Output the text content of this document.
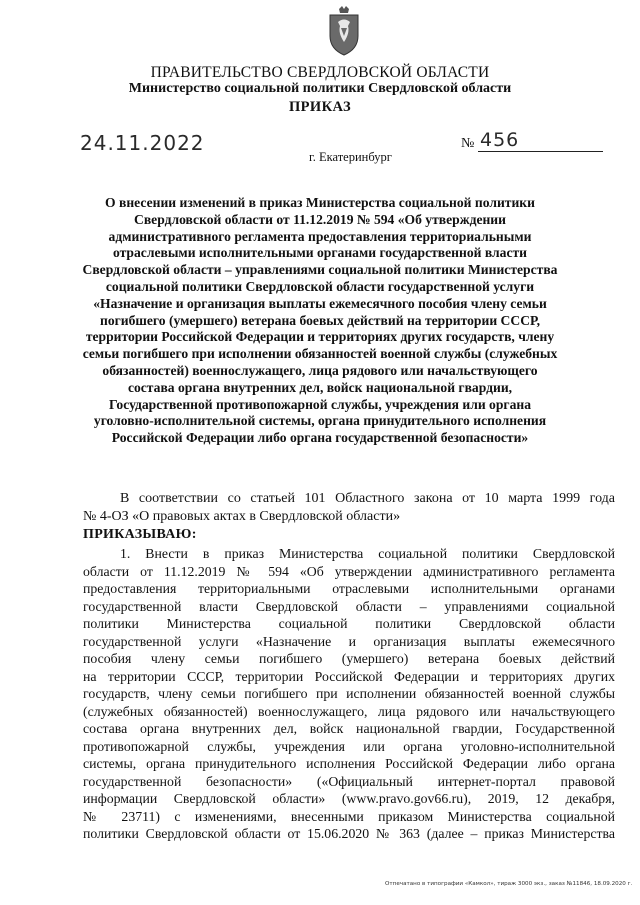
ПРАВИТЕЛЬСТВО СВЕРДЛОВСКОЙ ОБЛАСТИ
Министерство социальной политики Свердловской области
ПРИКАЗ
24.11.2022	№ 456
г. Екатеринбург
О внесении изменений в приказ Министерства социальной политики
Свердловской области от 11.12.2019 № 594 «Об утверждении
административного регламента предоставления территориальными
отраслевыми исполнительными органами государственной власти
Свердловской области – управлениями социальной политики Министерства
социальной политики Свердловской области государственной услуги
«Назначение и организация выплаты ежемесячного пособия члену семьи
погибшего (умершего) ветерана боевых действий на территории СССР,
территории Российской Федерации и территориях других государств, члену
семьи погибшего при исполнении обязанностей военной службы (служебных
обязанностей) военнослужащего, лица рядового или начальствующего
состава органа внутренних дел, войск национальной гвардии,
Государственной противопожарной службы, учреждения или органа
уголовно-исполнительной системы, органа принудительного исполнения
Российской Федерации либо органа государственной безопасности»
В соответствии со статьей 101 Областного закона от 10 марта 1999 года
№ 4-ОЗ «О правовых актах в Свердловской области»
ПРИКАЗЫВАЮ:
1. Внести в приказ Министерства социальной политики Свердловской
области от 11.12.2019 № 594 «Об утверждении административного регламента
предоставления территориальными отраслевыми исполнительными органами
государственной власти Свердловской области – управлениями социальной
политики Министерства социальной политики Свердловской области
государственной услуги «Назначение и организация выплаты ежемесячного
пособия члену семьи погибшего (умершего) ветерана боевых действий
на территории СССР, территории Российской Федерации и территориях других
государств, члену семьи погибшего при исполнении обязанностей военной службы
(служебных обязанностей) военнослужащего, лица рядового или начальствующего
состава органа внутренних дел, войск национальной гвардии, Государственной
противопожарной службы, учреждения или органа уголовно-исполнительной
системы, органа принудительного исполнения Российской Федерации либо органа
государственной безопасности» («Официальный интернет-портал правовой
информации Свердловской области» (www.pravo.gov66.ru), 2019, 12 декабря,
№ 23711) с изменениями, внесенными приказом Министерства социальной
политики Свердловской области от 15.06.2020 № 363 (далее – приказ Министерства
Отпечатано в типографии «Камкол», тираж 3000 экз., заказ №11846, 18.09.2020 г.
